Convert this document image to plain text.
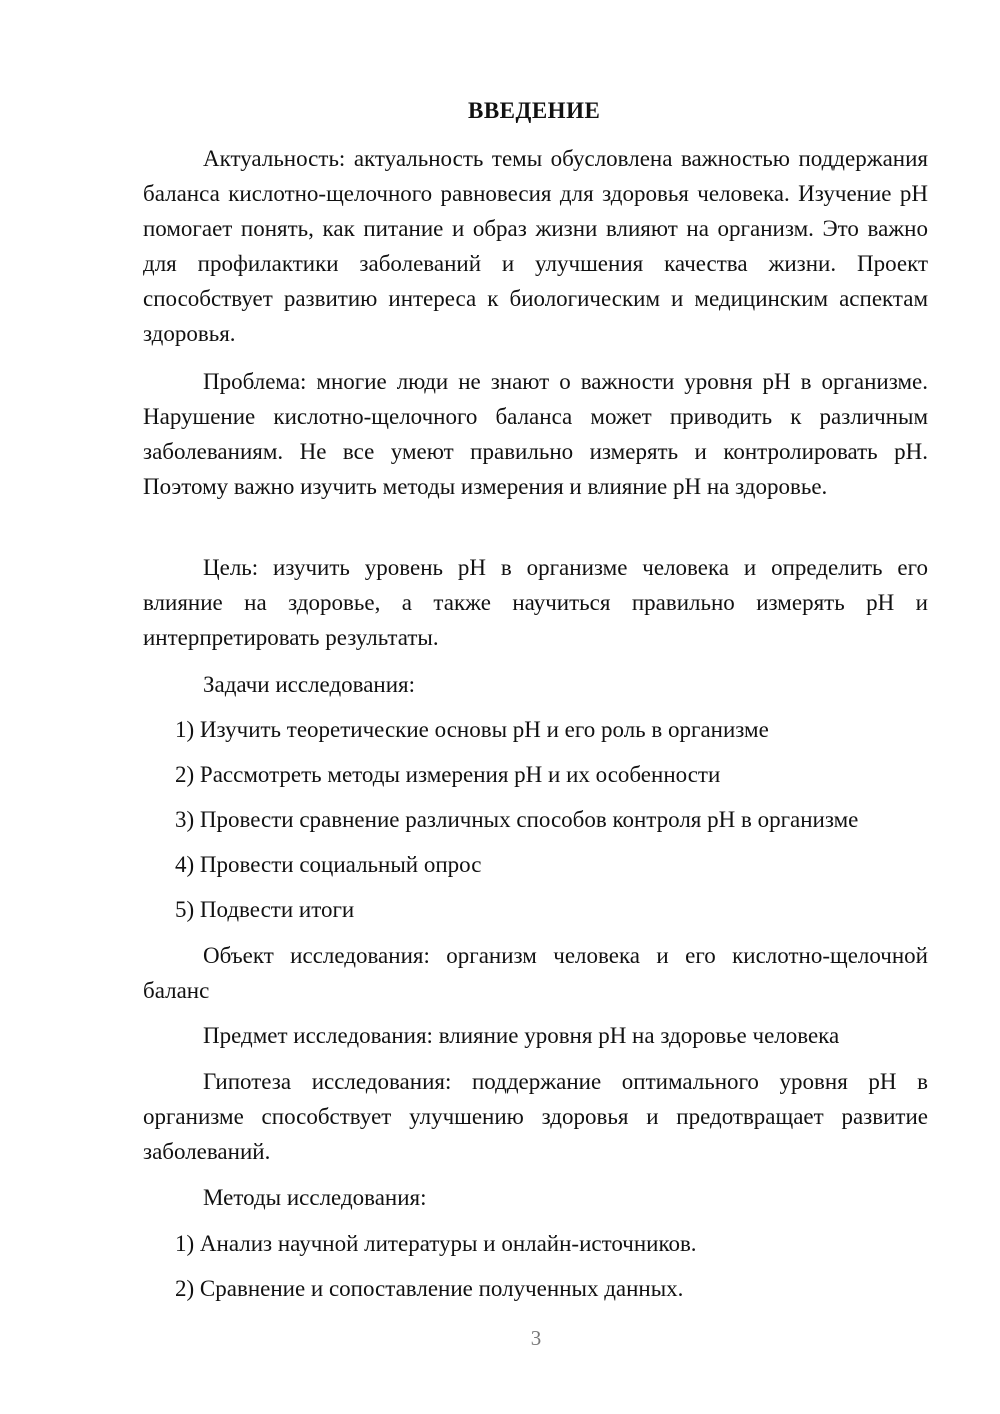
ВВЕДЕНИЕ

Актуальность: актуальность темы обусловлена важностью поддержания баланса кислотно-щелочного равновесия для здоровья человека. Изучение pH помогает понять, как питание и образ жизни влияют на организм. Это важно для профилактики заболеваний и улучшения качества жизни. Проект способствует развитию интереса к биологическим и медицинским аспектам здоровья.

Проблема: многие люди не знают о важности уровня pH в организме. Нарушение кислотно-щелочного баланса может приводить к различным заболеваниям. Не все умеют правильно измерять и контролировать pH. Поэтому важно изучить методы измерения и влияние pH на здоровье.

Цель: изучить уровень pH в организме человека и определить его влияние на здоровье, а также научиться правильно измерять pH и интерпретировать результаты.

Задачи исследования:

1) Изучить теоретические основы pH и его роль в организме

2) Рассмотреть методы измерения pH и их особенности

3) Провести сравнение различных способов контроля pH в организме

4) Провести социальный опрос

5) Подвести итоги

Объект исследования: организм человека и его кислотно-щелочной баланс

Предмет исследования: влияние уровня pH на здоровье человека

Гипотеза исследования: поддержание оптимального уровня pH в организме способствует улучшению здоровья и предотвращает развитие заболеваний.

Методы исследования:

1) Анализ научной литературы и онлайн-источников.

2) Сравнение и сопоставление полученных данных.

3
